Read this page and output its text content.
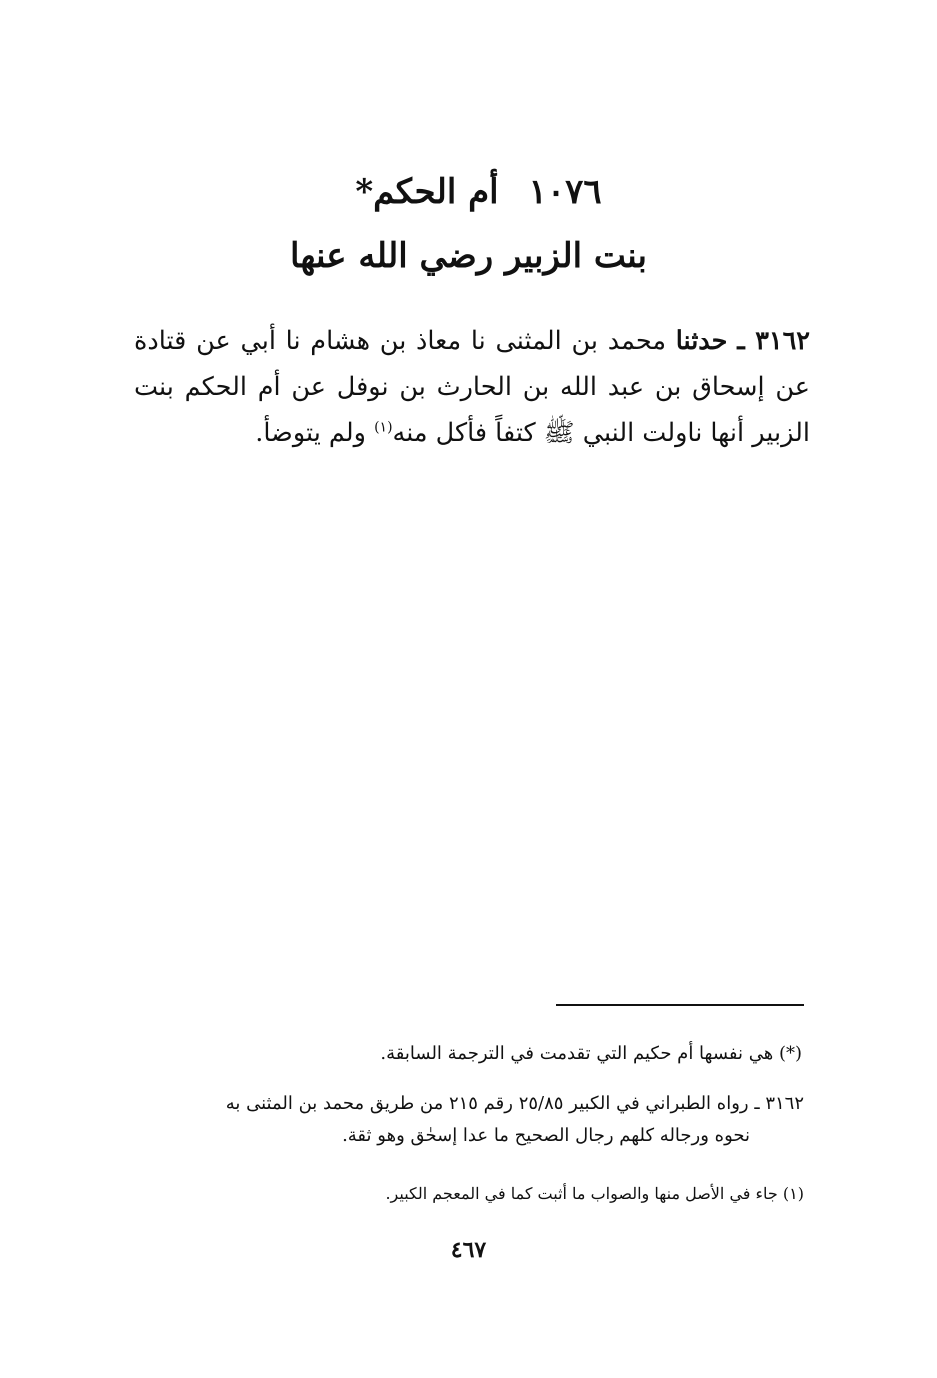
١٠٧٦أم الحكم*
بنت الزبير رضي الله عنها
٣١٦٢ ـ حدثنا محمد بن المثنى نا معاذ بن هشام نا أبي عن قتادة عن إسحاق بن عبد الله بن الحارث بن نوفل عن أم الحكم بنت الزبير أنها ناولت النبي ﷺ كتفاً فأكل منه$^{(١)}$ ولم يتوضأ.
(*) هي نفسها أم حكيم التي تقدمت في الترجمة السابقة.
٣١٦٢ ـ رواه الطبراني في الكبير ٢٥/٨٥ رقم ٢١٥ من طريق محمد بن المثنى به
نحوه ورجاله كلهم رجال الصحيح ما عدا إسحٰق وهو ثقة.
(١) جاء في الأصل منها والصواب ما أثبت كما في المعجم الكبير.
٤٦٧
